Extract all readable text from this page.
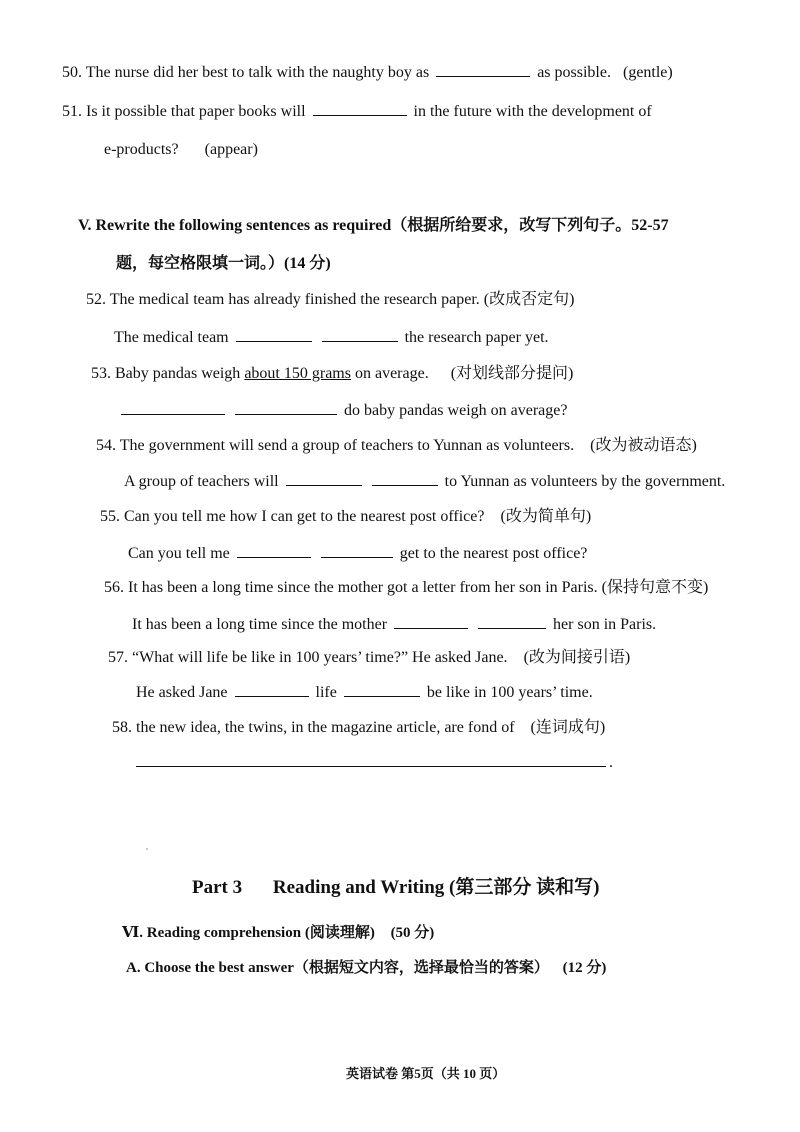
50. The nurse did her best to talk with the naughty boy as	as possible. (gentle)
51. Is it possible that paper books will	in the future with the development of
e-products? (appear)
V. Rewrite the following sentences as required（根据所给要求，改写下列句子。52-57
题，每空格限填一词。）(14 分)
52. The medical team has already finished the research paper. (改成否定句)
The medical team	the research paper yet.
53. Baby pandas weigh about 150 grams on average. (对划线部分提问)
do baby pandas weigh on average?
54. The government will send a group of teachers to Yunnan as volunteers. (改为被动语态)
A group of teachers will	to Yunnan as volunteers by the government.
55. Can you tell me how I can get to the nearest post office? (改为简单句)
Can you tell me	get to the nearest post office?
56. It has been a long time since the mother got a letter from her son in Paris. (保持句意不变)
It has been a long time since the mother	her son in Paris.
57. “What will life be like in 100 years’ time?” He asked Jane. (改为间接引语)
He asked Jane	life	be like in 100 years’ time.
58. the new idea, the twins, in the magazine article, are fond of (连词成句)
.
Part 3 Reading and Writing (第三部分 读和写)
Ⅵ. Reading comprehension (阅读理解) (50 分)
A. Choose the best answer（根据短文内容，选择最恰当的答案） (12 分)
英语试卷 第5页（共 10 页）
